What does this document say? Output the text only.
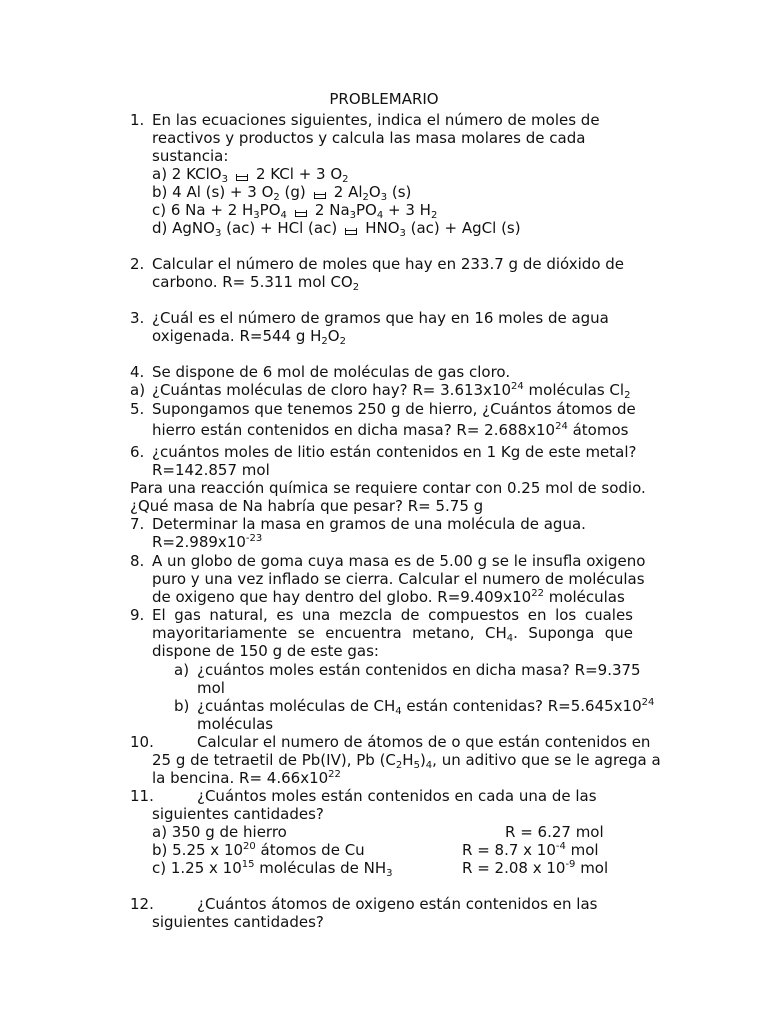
PROBLEMARIO
1. En las ecuaciones siguientes, indica el número de moles de
reactivos y productos y calcula las masa molares de cada
sustancia:
a) 2 KClO$_3$ 2 KCl + 3 $O_2$
b) 4 Al (s) + 3 $O_2$ (g) 2 $Al_2O_3$ (s)
c) 6 Na + 2 $H_3PO_4$ 2 $Na_3PO_4 + 3$ $H_2$
d) AgNO$_3$ (ac) + HCl (ac) $HNO_3$ (ac) + AgCl (s)
2. Calcular el número de moles que hay en 233.7 g de dióxido de
carbono. R= 5.311 mol $CO_2$
3. ¿Cuál es el número de gramos que hay en 16 moles de agua
oxigenada. R=544 g $H_2O_2$
4. Se dispone de 6 mol de moléculas de gas cloro.
a) ¿Cuántas moléculas de cloro hay? $R= 3.613x10^{24}$ moléculas $Cl_2$
5. Supongamos que tenemos 250 g de hierro, ¿Cuántos átomos de
hierro están contenidos en dicha masa? $R= 2.688x10^{24}$ átomos
6. ¿cuántos moles de litio están contenidos en 1 Kg de este metal?
R=142.857 mol
Para una reacción química se requiere contar con 0.25 mol de sodio.
¿Qué masa de Na habría que pesar? R= 5.75 g
7. Determinar la masa en gramos de una molécula de agua.
$R=2.989x10^{-23}$
8. A un globo de goma cuya masa es de 5.00 g se le insufla oxigeno
puro y una vez inflado se cierra. Calcular el numero de moléculas
de oxigeno que hay dentro del globo. $R=9.409x10^{22}$ moléculas
9. El gas natural, es una mezcla de compuestos en los cuales
mayoritariamente se encuentra metano, $CH_4$. Suponga que
dispone de 150 g de este gas:
a) ¿cuántos moles están contenidos en dicha masa? R=9.375
mol
b) ¿cuántas moléculas de $CH_4$ están contenidas? $R=5.645x10^{24}$
moléculas
10.	Calcular el numero de átomos de o que están contenidos en
25 g de tetraetil de Pb(IV), Pb $(C_2H_5)_4$, un aditivo que se le agrega a
la bencina. $R= 4.66x10^{22}$
11.	¿Cuántos moles están contenidos en cada una de las
siguientes cantidades?
a) 350 g de hierro	R = 6.27 mol
b) 5.25 x $10^{20}$ átomos de Cu	R = 8.7 x $10^{-4}$ mol
c) 1.25 x $10^{15}$ moléculas de $NH_3$	R = 2.08 x $10^{-9}$ mol
12.	¿Cuántos átomos de oxigeno están contenidos en las
siguientes cantidades?
